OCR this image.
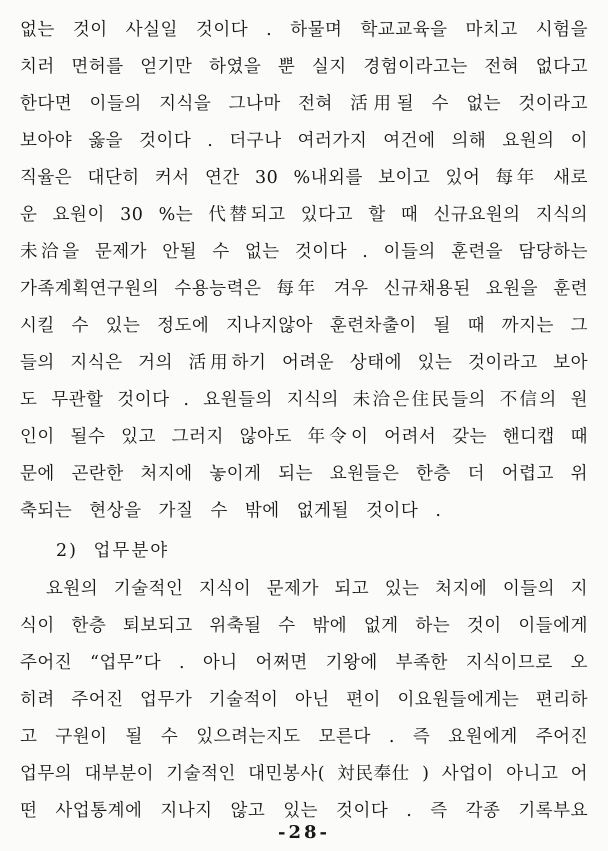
없는 것이 사실일 것이다 . 하물며 학교교육을 마치고 시험을
치러 면허를 얻기만 하였을 뿐 실지 경험이라고는 전혀 없다고
한다면 이들의 지식을 그나마 전혀 活用될 수 없는 것이라고
보아야 옳을 것이다 . 더구나 여러가지 여건에 의해 요원의 이
직율은 대단히 커서 연간 30 %내외를 보이고 있어 每年 새로
운 요원이 30 %는 代替되고 있다고 할 때 신규요원의 지식의
未洽을 문제가 안될 수 없는 것이다 . 이들의 훈련을 담당하는
가족계획연구원의 수용능력은 每年 겨우 신규채용된 요원을 훈련
시킬 수 있는 정도에 지나지않아 훈련차출이 될 때 까지는 그
들의 지식은 거의 活用하기 어려운 상태에 있는 것이라고 보아
도 무관할 것이다 . 요원들의 지식의 未洽은住民들의 不信의 원
인이 될수 있고 그러지 않아도 年令이 어려서 갖는 핸디캡 때
문에 곤란한 처지에 놓이게 되는 요원들은 한층 더 어렵고 위
축되는 현상을 가질 수 밖에 없게될 것이다 .
2) 업무분야
요원의 기술적인 지식이 문제가 되고 있는 처지에 이들의 지
식이 한층 퇴보되고 위축될 수 밖에 없게 하는 것이 이들에게
주어진 “업무”다 . 아니 어쩌면 기왕에 부족한 지식이므로 오
히려 주어진 업무가 기술적이 아닌 편이 이요원들에게는 편리하
고 구원이 될 수 있으려는지도 모른다 . 즉 요원에게 주어진
업무의 대부분이 기술적인 대민봉사( 対民奉仕 ) 사업이 아니고 어
떤 사업통계에 지나지 않고 있는 것이다 . 즉 각종 기록부요
-28-
